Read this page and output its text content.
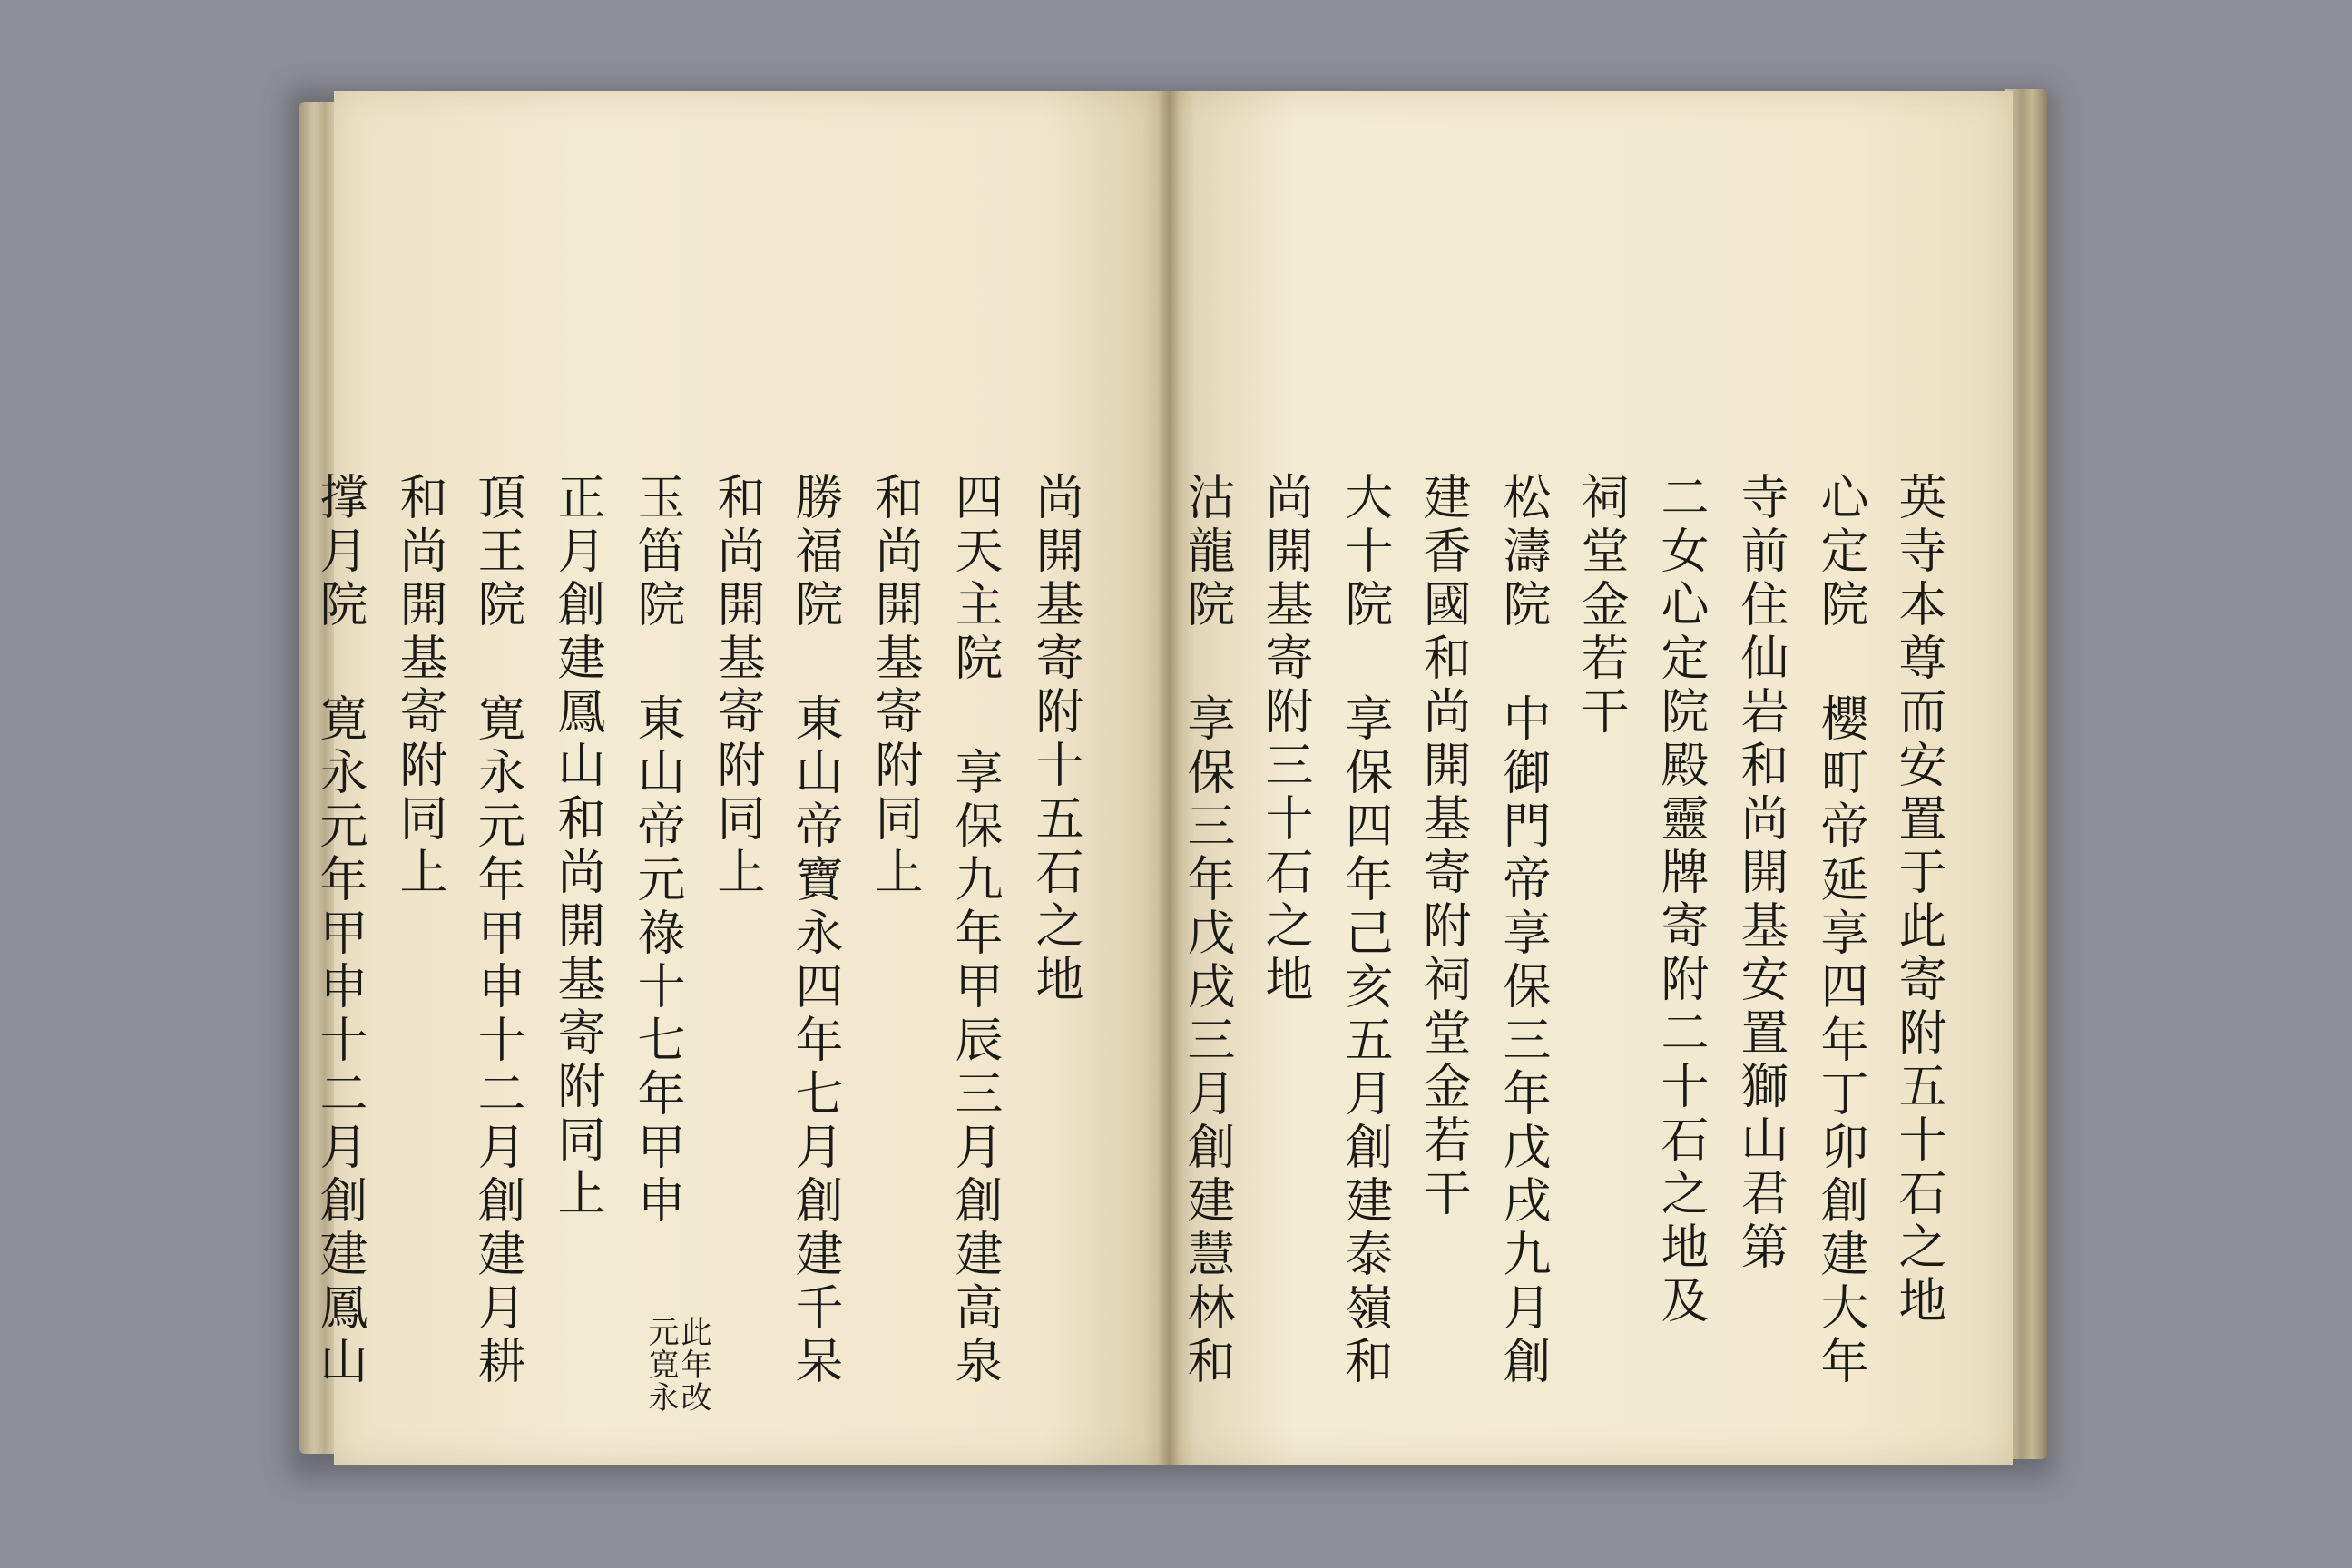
尚開基寄附十五石之地
四天主院 享保九年甲辰三月創建高泉
和尚開基寄附同上
勝福院 東山帝寶永四年七月創建千呆
和尚開基寄附同上
玉笛院 東山帝元祿十七年甲申
此年改
元寛永
正月創建鳳山和尚開基寄附同上
頂王院 寛永元年甲申十二月創建月耕
和尚開基寄附同上
撑月院 寛永元年甲申十二月創建鳳山	英寺本尊而安置于此寄附五十石之地
心定院 櫻町帝延享四年丁卯創建大年
寺前住仙岩和尚開基安置獅山君第
二女心定院殿靈牌寄附二十石之地及
祠堂金若干
松濤院 中御門帝享保三年戊戌九月創
建香國和尚開基寄附祠堂金若干
大十院 享保四年己亥五月創建泰嶺和
尚開基寄附三十石之地
沽龍院 享保三年戊戌三月創建慧林和
